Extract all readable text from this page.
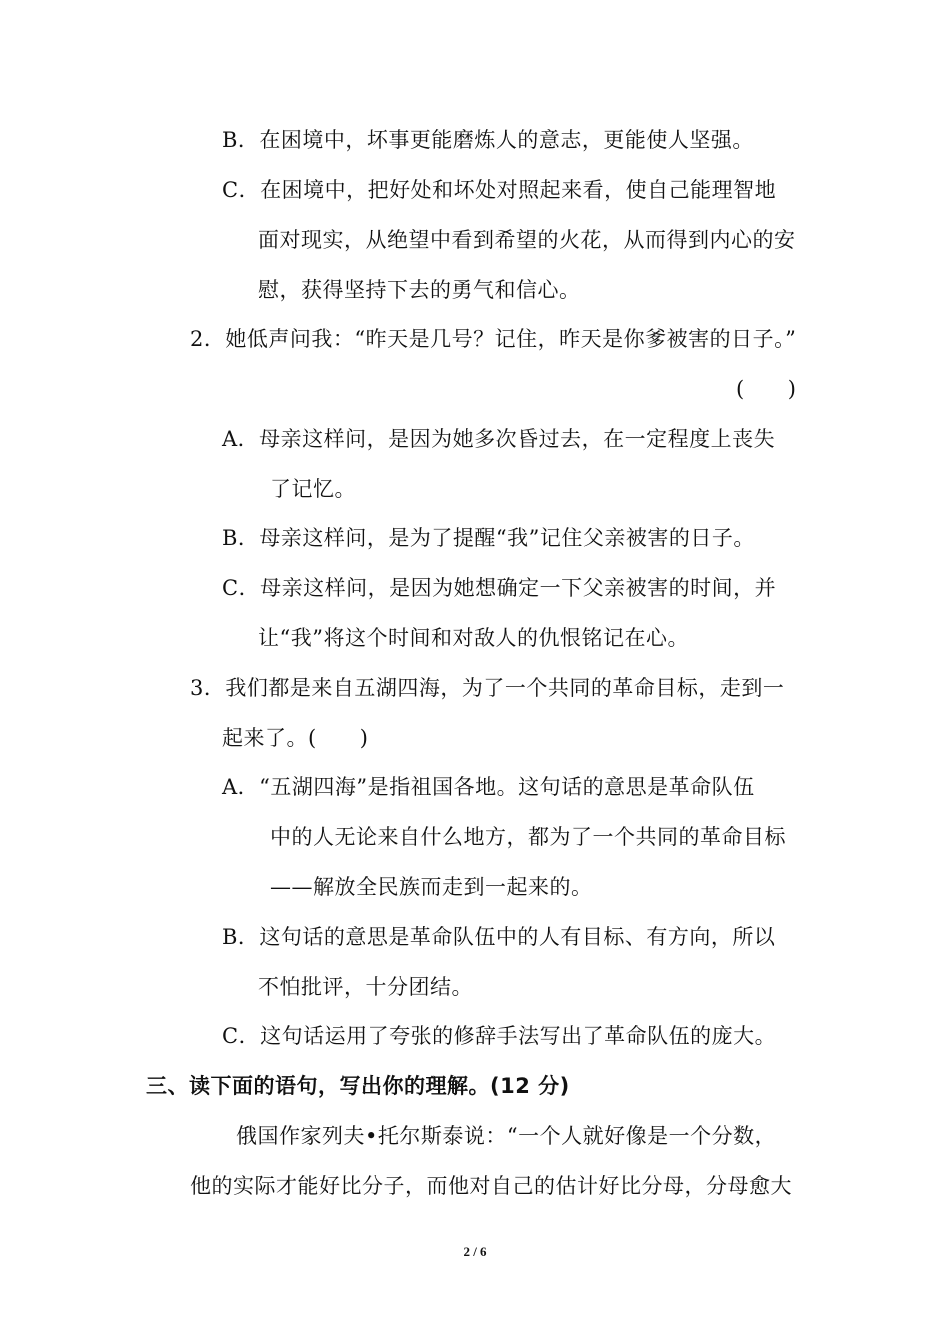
B．在困境中，坏事更能磨炼人的意志，更能使人坚强。
C．在困境中，把好处和坏处对照起来看，使自己能理智地
面对现实，从绝望中看到希望的火花，从而得到内心的安
慰，获得坚持下去的勇气和信心。
2．她低声问我：“昨天是几号？记住，昨天是你爹被害的日子。”
(　　)
A．母亲这样问，是因为她多次昏过去，在一定程度上丧失
了记忆。
B．母亲这样问，是为了提醒“我”记住父亲被害的日子。
C．母亲这样问，是因为她想确定一下父亲被害的时间，并
让“我”将这个时间和对敌人的仇恨铭记在心。
3．我们都是来自五湖四海，为了一个共同的革命目标，走到一
起来了。(　　)
A．“五湖四海”是指祖国各地。这句话的意思是革命队伍
中的人无论来自什么地方，都为了一个共同的革命目标
——解放全民族而走到一起来的。
B．这句话的意思是革命队伍中的人有目标、有方向，所以
不怕批评，十分团结。
C．这句话运用了夸张的修辞手法写出了革命队伍的庞大。
三、读下面的语句，写出你的理解。(12 分)
俄国作家列夫•托尔斯泰说：“一个人就好像是一个分数，
他的实际才能好比分子，而他对自己的估计好比分母，分母愈大
2 / 6
